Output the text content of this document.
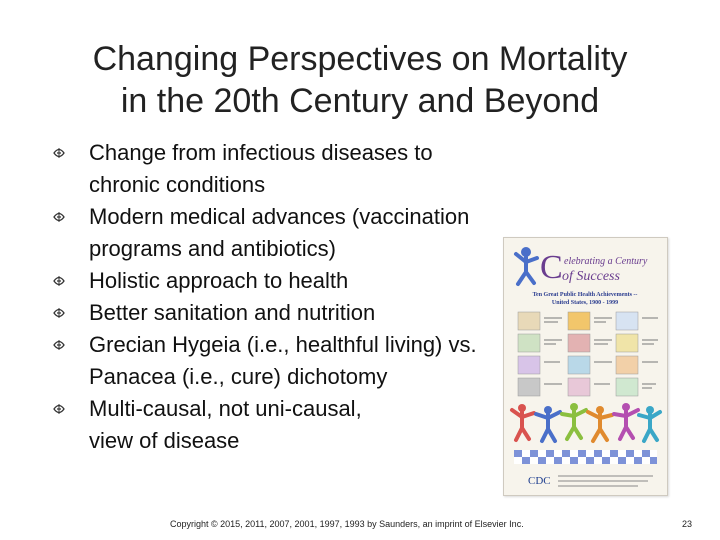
Changing Perspectives on Mortality
in the 20th Century and Beyond
Change from infectious diseases to
chronic conditions
Modern medical advances (vaccination
programs and antibiotics)
Holistic approach to health
Better sanitation and nutrition
Grecian Hygeia (i.e., healthful living) vs.
Panacea (i.e., cure) dichotomy
Multi-causal, not uni-causal,
view of disease
C elebrating a Century
of Success
Ten Great Public Health Achievements --
United States, 1900 - 1999
CDC
Copyright © 2015, 2011, 2007, 2001, 1997, 1993 by Saunders, an imprint of Elsevier Inc.	23
